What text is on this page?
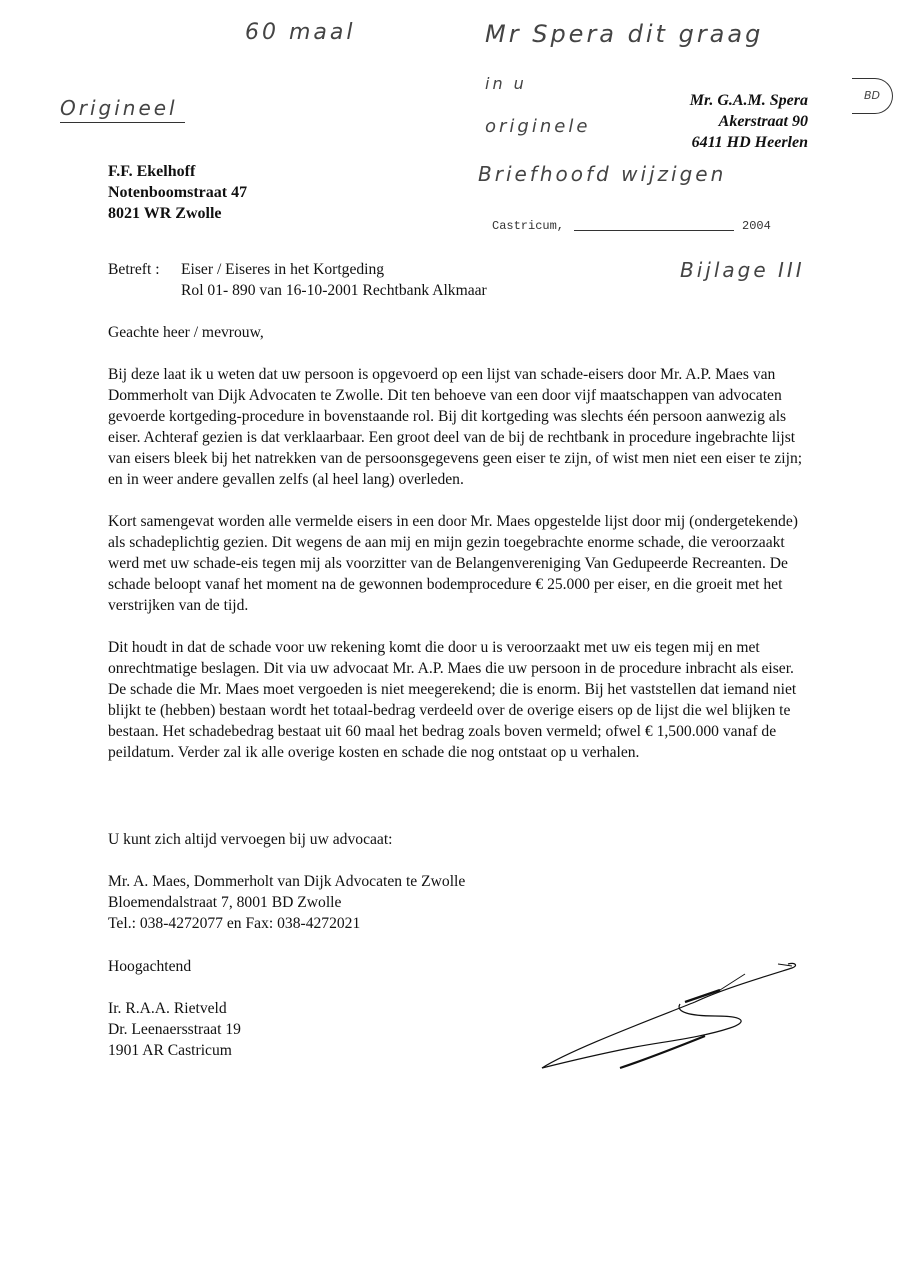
60 maal
Origineel
Mr Spera dit graag
in u
originele
Briefhoofd wijzigen
BD
Bijlage III
F.F. Ekelhoff
Notenboomstraat 47
8021 WR Zwolle
Mr. G.A.M. Spera
Akerstraat 90
6411 HD Heerlen
Castricum,	2004
Betreft :	Eiser / Eiseres in het Kortgeding
Rol 01- 890 van 16-10-2001 Rechtbank Alkmaar
Geachte heer / mevrouw,

Bij deze laat ik u weten dat uw persoon is opgevoerd op een lijst van schade-eisers door Mr. A.P. Maes van Dommerholt van Dijk Advocaten te Zwolle. Dit ten behoeve van een door vijf maatschappen van advocaten gevoerde kortgeding-procedure in bovenstaande rol. Bij dit kortgeding was slechts één persoon aanwezig als eiser. Achteraf gezien is dat verklaarbaar. Een groot deel van de bij de rechtbank in procedure ingebrachte lijst van eisers bleek bij het natrekken van de persoonsgegevens geen eiser te zijn, of wist men niet een eiser te zijn; en in weer andere gevallen zelfs (al heel lang) overleden.

Kort samengevat worden alle vermelde eisers in een door Mr. Maes opgestelde lijst door mij (ondergetekende) als schadeplichtig gezien. Dit wegens de aan mij en mijn gezin toegebrachte enorme schade, die veroorzaakt werd met uw schade-eis tegen mij als voorzitter van de Belangenvereniging Van Gedupeerde Recreanten. De schade beloopt vanaf het moment na de gewonnen bodemprocedure € 25.000 per eiser, en die groeit met het verstrijken van de tijd.

Dit houdt in dat de schade voor uw rekening komt die door u is veroorzaakt met uw eis tegen mij en met onrechtmatige beslagen. Dit via uw advocaat Mr. A.P. Maes die uw persoon in de procedure inbracht als eiser. De schade die Mr. Maes moet vergoeden is niet meegerekend; die is enorm. Bij het vaststellen dat iemand niet blijkt te (hebben) bestaan wordt het totaal-bedrag verdeeld over de overige eisers op de lijst die wel blijken te bestaan. Het schadebedrag bestaat uit 60 maal het bedrag zoals boven vermeld; ofwel € 1,500.000 vanaf de peildatum. Verder zal ik alle overige kosten en schade die nog ontstaat op u verhalen.

U kunt zich altijd vervoegen bij uw advocaat:
Mr. A. Maes, Dommerholt van Dijk Advocaten te Zwolle
Bloemendalstraat 7, 8001 BD Zwolle
Tel.: 038-4272077 en Fax: 038-4272021
Hoogachtend
Ir. R.A.A. Rietveld
Dr. Leenaersstraat 19
1901 AR Castricum
